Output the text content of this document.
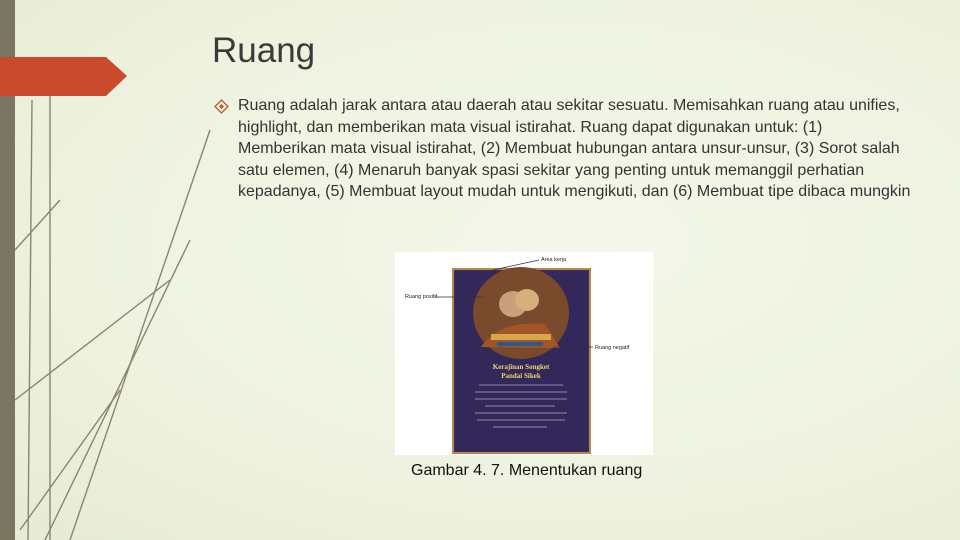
Ruang

Ruang adalah jarak antara atau daerah atau sekitar sesuatu. Memisahkan ruang atau unifies, highlight, dan memberikan mata visual istirahat. Ruang dapat digunakan untuk: (1) Memberikan mata visual istirahat, (2) Membuat hubungan antara unsur-unsur, (3) Sorot salah satu elemen, (4) Menaruh banyak spasi sekitar yang penting untuk memanggil perhatian kepadanya, (5) Membuat layout mudah untuk mengikuti, dan (6) Membuat tipe dibaca mungkin

Area kerja
Ruang positif
Ruang negatif
Kerajinan Songket
Pandai Sikek

Gambar 4. 7. Menentukan ruang
